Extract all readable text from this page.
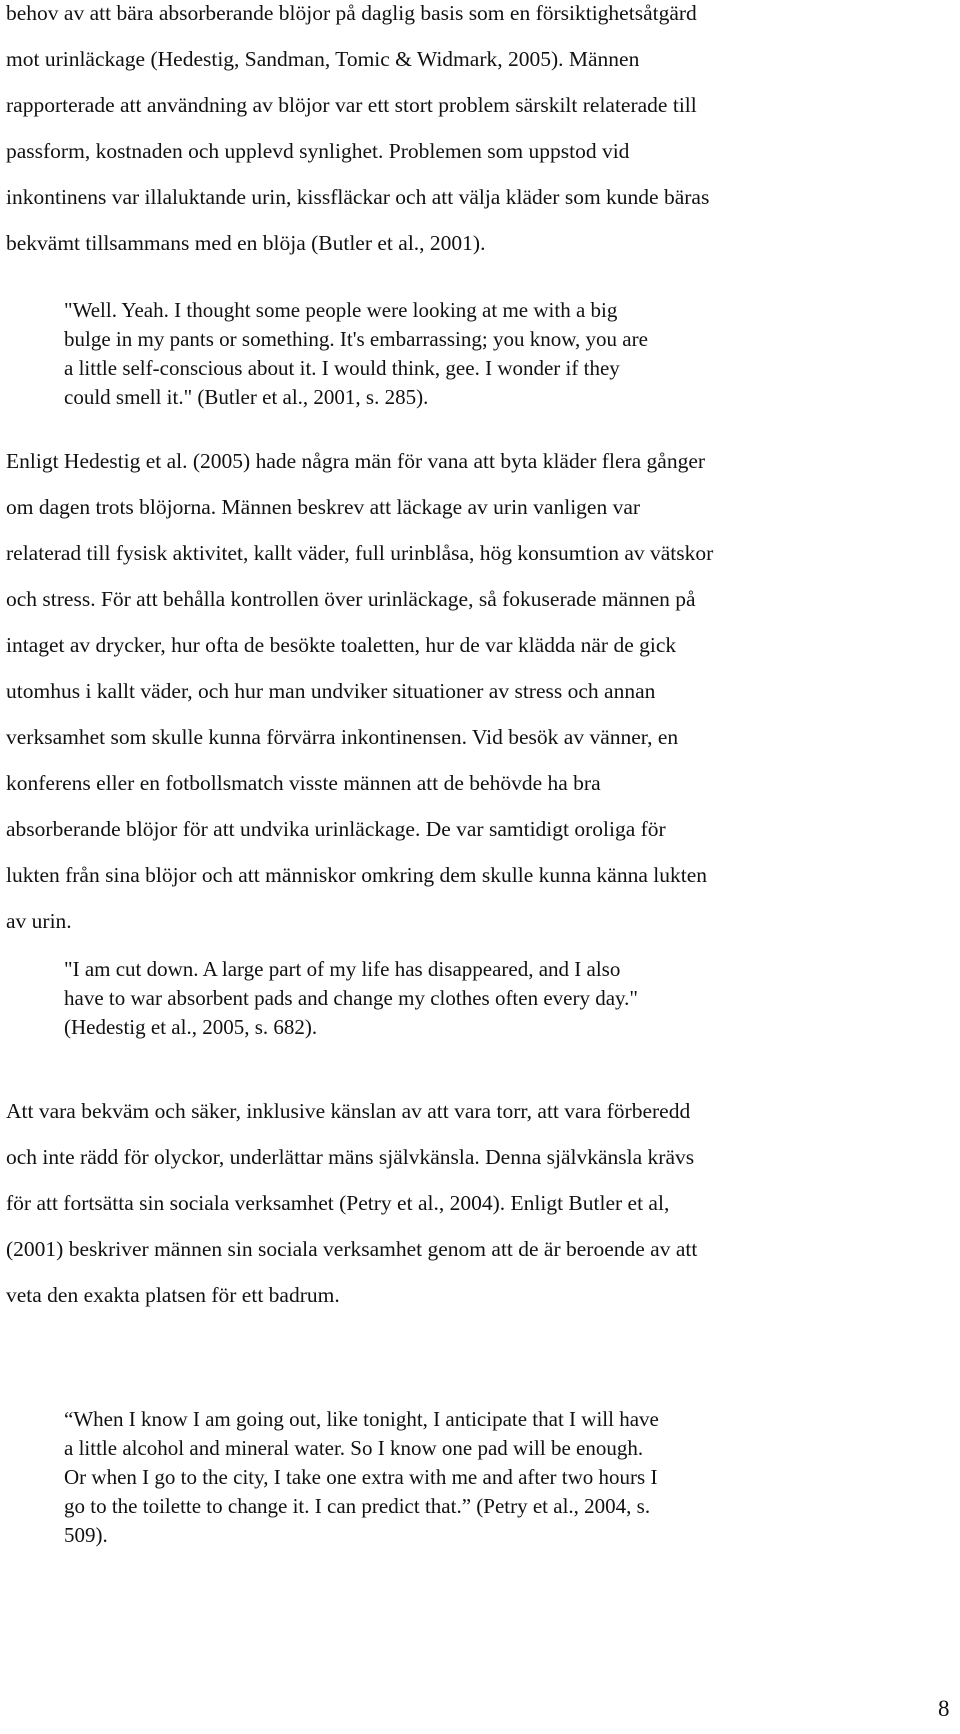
behov av att bära absorberande blöjor på daglig basis som en försiktighetsåtgärd
mot urinläckage (Hedestig, Sandman, Tomic & Widmark, 2005). Männen
rapporterade att användning av blöjor var ett stort problem särskilt relaterade till
passform, kostnaden och upplevd synlighet. Problemen som uppstod vid
inkontinens var illaluktande urin, kissfläckar och att välja kläder som kunde bäras
bekvämt tillsammans med en blöja (Butler et al., 2001).

"Well. Yeah. I thought some people were looking at me with a big
bulge in my pants or something. It's embarrassing; you know, you are
a little self-conscious about it. I would think, gee. I wonder if they
could smell it." (Butler et al., 2001, s. 285).

Enligt Hedestig et al. (2005) hade några män för vana att byta kläder flera gånger
om dagen trots blöjorna. Männen beskrev att läckage av urin vanligen var
relaterad till fysisk aktivitet, kallt väder, full urinblåsa, hög konsumtion av vätskor
och stress. För att behålla kontrollen över urinläckage, så fokuserade männen på
intaget av drycker, hur ofta de besökte toaletten, hur de var klädda när de gick
utomhus i kallt väder, och hur man undviker situationer av stress och annan
verksamhet som skulle kunna förvärra inkontinensen. Vid besök av vänner, en
konferens eller en fotbollsmatch visste männen att de behövde ha bra
absorberande blöjor för att undvika urinläckage. De var samtidigt oroliga för
lukten från sina blöjor och att människor omkring dem skulle kunna känna lukten
av urin.

"I am cut down. A large part of my life has disappeared, and I also
have to war absorbent pads and change my clothes often every day."
(Hedestig et al., 2005, s. 682).

Att vara bekväm och säker, inklusive känslan av att vara torr, att vara förberedd
och inte rädd för olyckor, underlättar mäns självkänsla. Denna självkänsla krävs
för att fortsätta sin sociala verksamhet (Petry et al., 2004). Enligt Butler et al,
(2001) beskriver männen sin sociala verksamhet genom att de är beroende av att
veta den exakta platsen för ett badrum.

“When I know I am going out, like tonight, I anticipate that I will have
a little alcohol and mineral water. So I know one pad will be enough.
Or when I go to the city, I take one extra with me and after two hours I
go to the toilette to change it. I can predict that.” (Petry et al., 2004, s.
509).

8
